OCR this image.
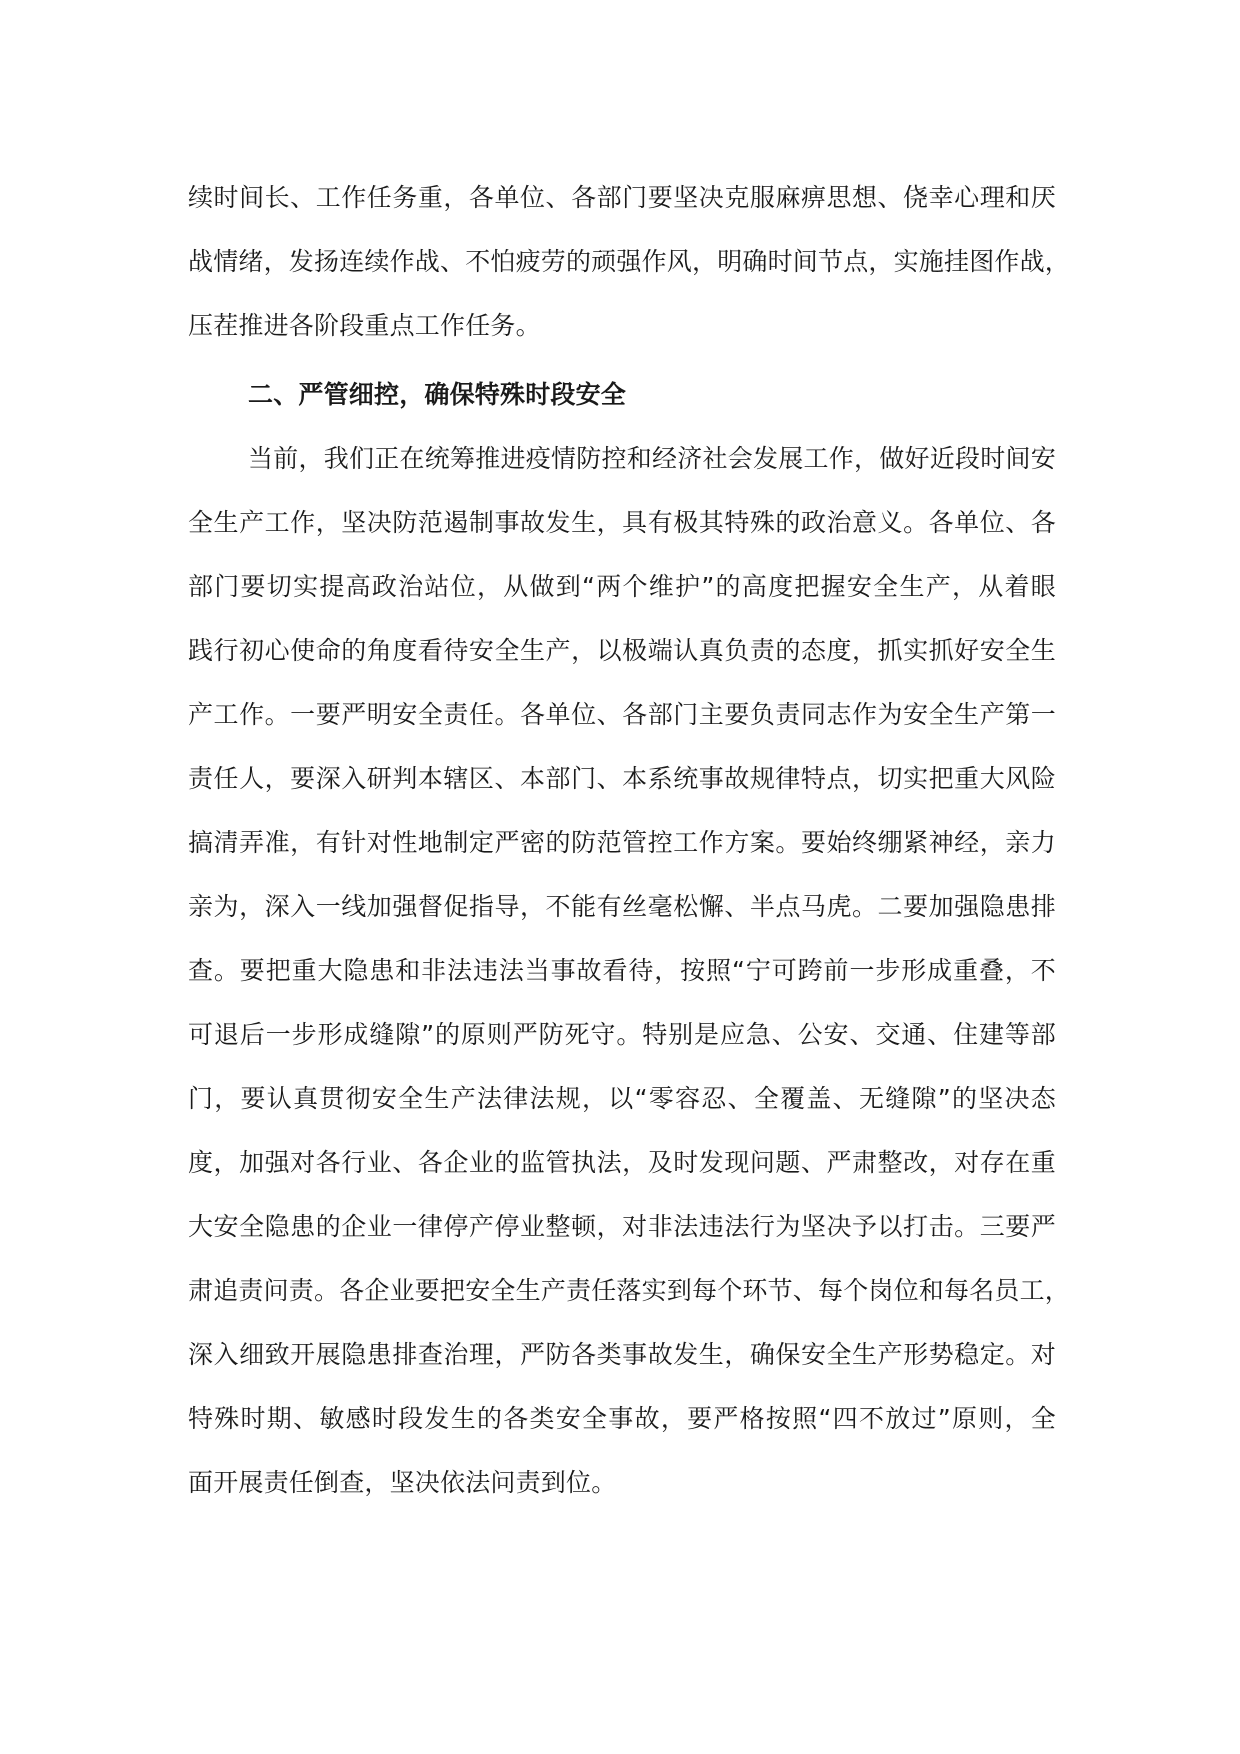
续时间长、工作任务重，各单位、各部门要坚决克服麻痹思想、侥幸心理和厌
战情绪，发扬连续作战、不怕疲劳的顽强作风，明确时间节点，实施挂图作战，
压茬推进各阶段重点工作任务。
二、严管细控，确保特殊时段安全
当前，我们正在统筹推进疫情防控和经济社会发展工作，做好近段时间安
全生产工作，坚决防范遏制事故发生，具有极其特殊的政治意义。各单位、各
部门要切实提高政治站位，从做到“两个维护”的高度把握安全生产，从着眼
践行初心使命的角度看待安全生产，以极端认真负责的态度，抓实抓好安全生
产工作。一要严明安全责任。各单位、各部门主要负责同志作为安全生产第一
责任人，要深入研判本辖区、本部门、本系统事故规律特点，切实把重大风险
搞清弄准，有针对性地制定严密的防范管控工作方案。要始终绷紧神经，亲力
亲为，深入一线加强督促指导，不能有丝毫松懈、半点马虎。二要加强隐患排
查。要把重大隐患和非法违法当事故看待，按照“宁可跨前一步形成重叠，不
可退后一步形成缝隙”的原则严防死守。特别是应急、公安、交通、住建等部
门，要认真贯彻安全生产法律法规，以“零容忍、全覆盖、无缝隙”的坚决态
度，加强对各行业、各企业的监管执法，及时发现问题、严肃整改，对存在重
大安全隐患的企业一律停产停业整顿，对非法违法行为坚决予以打击。三要严
肃追责问责。各企业要把安全生产责任落实到每个环节、每个岗位和每名员工，
深入细致开展隐患排查治理，严防各类事故发生，确保安全生产形势稳定。对
特殊时期、敏感时段发生的各类安全事故，要严格按照“四不放过”原则，全
面开展责任倒查，坚决依法问责到位。
